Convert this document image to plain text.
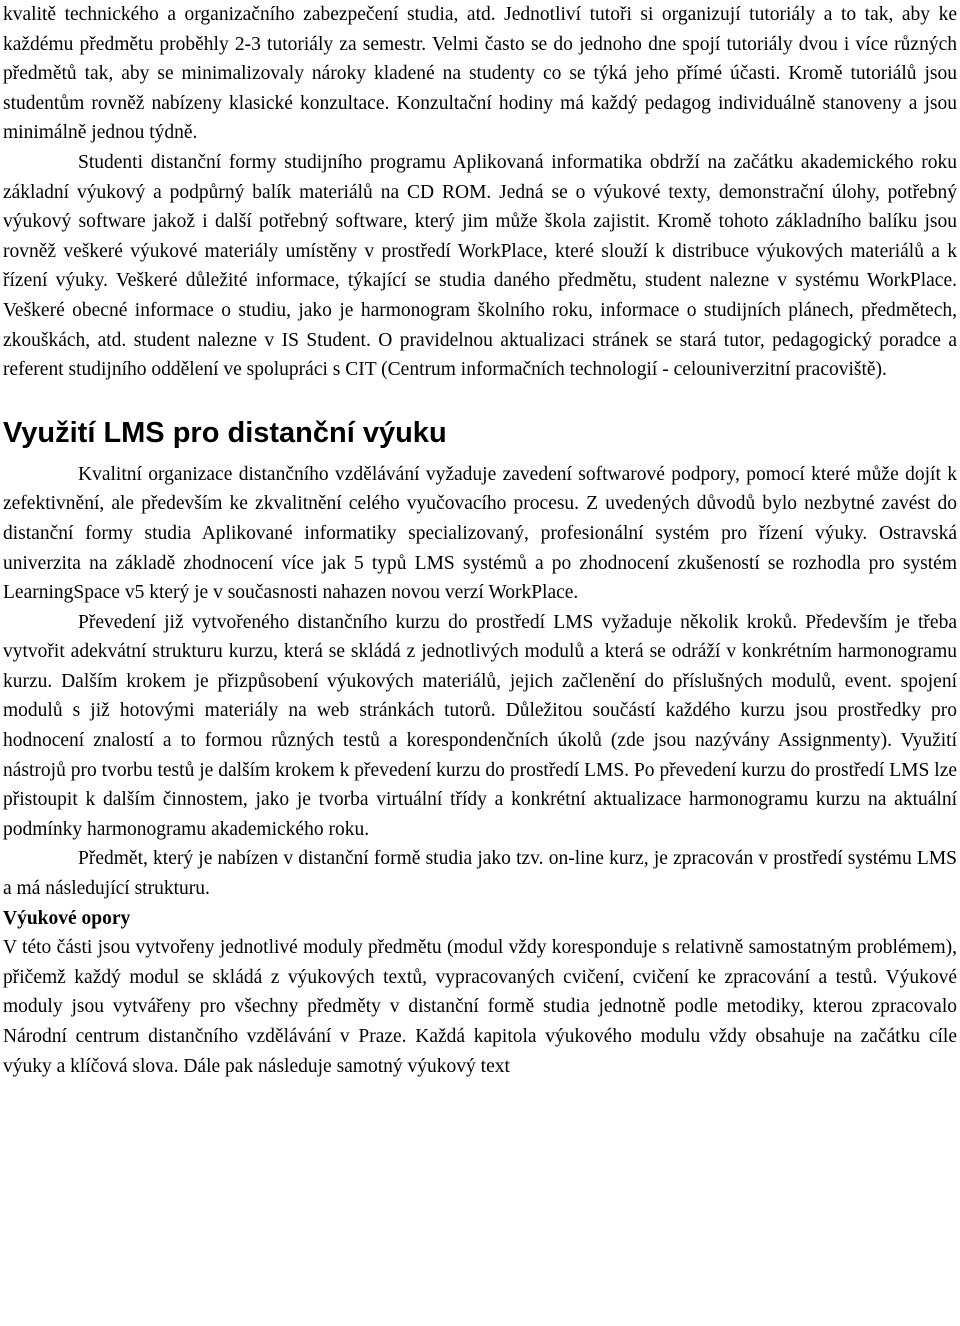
kvalitě technického a organizačního zabezpečení studia, atd. Jednotliví tutoři si organizují tutoriály a to tak, aby ke každému předmětu proběhly 2-3 tutoriály za semestr. Velmi často se do jednoho dne spojí tutoriály dvou i více různých předmětů tak, aby se minimalizovaly nároky kladené na studenty co se týká jeho přímé účasti. Kromě tutoriálů jsou studentům rovněž nabízeny klasické konzultace. Konzultační hodiny má každý pedagog individuálně stanoveny a jsou minimálně jednou týdně.

Studenti distanční formy studijního programu Aplikovaná informatika obdrží na začátku akademického roku základní výukový a podpůrný balík materiálů na CD ROM. Jedná se o výukové texty, demonstrační úlohy, potřebný výukový software jakož i další potřebný software, který jim může škola zajistit. Kromě tohoto základního balíku jsou rovněž veškeré výukové materiály umístěny v prostředí WorkPlace, které slouží k distribuce výukových materiálů a k řízení výuky. Veškeré důležité informace, týkající se studia daného předmětu, student nalezne v systému WorkPlace. Veškeré obecné informace o studiu, jako je harmonogram školního roku, informace o studijních plánech, předmětech, zkouškách, atd. student nalezne v IS Student. O pravidelnou aktualizaci stránek se stará tutor, pedagogický poradce a referent studijního oddělení ve spolupráci s CIT (Centrum informačních technologií - celouniverzitní pracoviště).

Využití LMS pro distanční výuku

Kvalitní organizace distančního vzdělávání vyžaduje zavedení softwarové podpory, pomocí které může dojít k zefektivnění, ale především ke zkvalitnění celého vyučovacího procesu. Z uvedených důvodů bylo nezbytné zavést do distanční formy studia Aplikované informatiky specializovaný, profesionální systém pro řízení výuky. Ostravská univerzita na základě zhodnocení více jak 5 typů LMS systémů a po zhodnocení zkušeností se rozhodla pro systém LearningSpace v5 který je v současnosti nahazen novou verzí WorkPlace.

Převedení již vytvořeného distančního kurzu do prostředí LMS vyžaduje několik kroků. Především je třeba vytvořit adekvátní strukturu kurzu, která se skládá z jednotlivých modulů a která se odráží v konkrétním harmonogramu kurzu. Dalším krokem je přizpůsobení výukových materiálů, jejich začlenění do příslušných modulů, event. spojení modulů s již hotovými materiály na web stránkách tutorů. Důležitou součástí každého kurzu jsou prostředky pro hodnocení znalostí a to formou různých testů a korespondenčních úkolů (zde jsou nazývány Assignmenty). Využití nástrojů pro tvorbu testů je dalším krokem k převedení kurzu do prostředí LMS. Po převedení kurzu do prostředí LMS lze přistoupit k dalším činnostem, jako je tvorba virtuální třídy a konkrétní aktualizace harmonogramu kurzu na aktuální podmínky harmonogramu akademického roku.

Předmět, který je nabízen v distanční formě studia jako tzv. on-line kurz, je zpracován v prostředí systému LMS a má následující strukturu.

Výukové opory

V této části jsou vytvořeny jednotlivé moduly předmětu (modul vždy koresponduje s relativně samostatným problémem), přičemž každý modul se skládá z výukových textů, vypracovaných cvičení, cvičení ke zpracování a testů. Výukové moduly jsou vytvářeny pro všechny předměty v distanční formě studia jednotně podle metodiky, kterou zpracovalo Národní centrum distančního vzdělávání v Praze. Každá kapitola výukového modulu vždy obsahuje na začátku cíle výuky a klíčová slova. Dále pak následuje samotný výukový text
